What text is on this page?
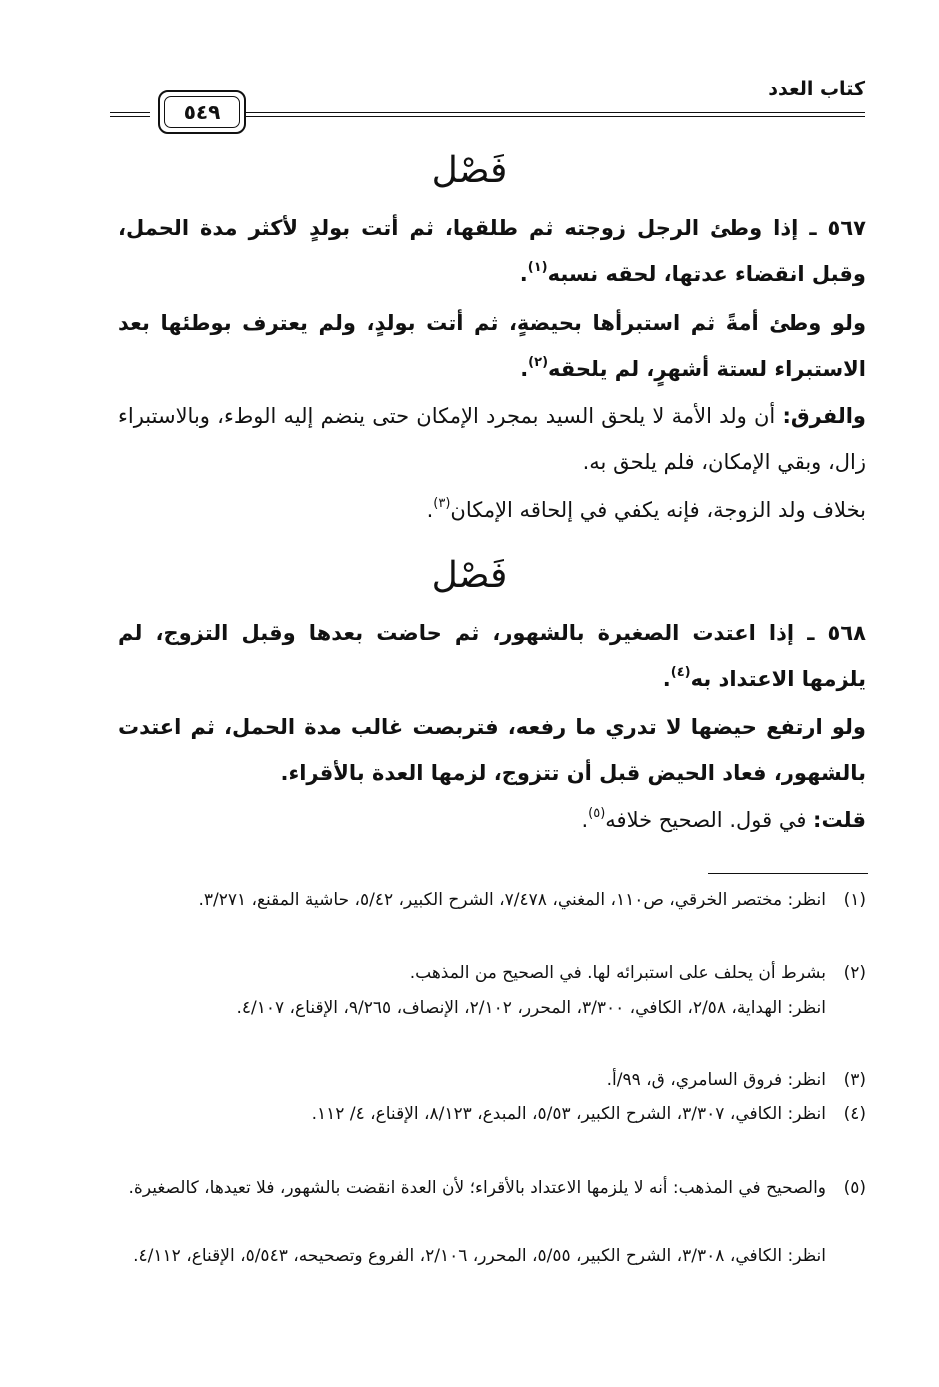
كتاب العدد
٥٤٩
فَصْل
٥٦٧ ـ إذا وطئ الرجل زوجته ثم طلقها، ثم أتت بولدٍ لأكثر مدة الحمل، وقبل انقضاء عدتها، لحقه نسبه$^{(١)}$.
ولو وطئ أمةً ثم استبرأها بحيضةٍ، ثم أتت بولدٍ، ولم يعترف بوطئها بعد الاستبراء لستة أشهرٍ، لم يلحقه$^{(٢)}$.
والفرق: أن ولد الأمة لا يلحق السيد بمجرد الإمكان حتى ينضم إليه الوطء، وبالاستبراء زال، وبقي الإمكان، فلم يلحق به.
بخلاف ولد الزوجة، فإنه يكفي في إلحاقه الإمكان$^{(٣)}$.
فَصْل
٥٦٨ ـ إذا اعتدت الصغيرة بالشهور، ثم حاضت بعدها وقبل التزوج، لم يلزمها الاعتداد به$^{(٤)}$.
ولو ارتفع حيضها لا تدري ما رفعه، فتربصت غالب مدة الحمل، ثم اعتدت بالشهور، فعاد الحيض قبل أن تتزوج، لزمها العدة بالأقراء.
قلت: في قول. الصحيح خلافه$^{(٥)}$.
(١)انظر: مختصر الخرقي، ص١١٠، المغني، ٧/٤٧٨، الشرح الكبير، ٥/٤٢، حاشية المقنع، ٣/٢٧١.
(٢)بشرط أن يحلف على استبرائه لها. في الصحيح من المذهب.
انظر: الهداية، ٢/٥٨، الكافي، ٣/٣٠٠، المحرر، ٢/١٠٢، الإنصاف، ٩/٢٦٥، الإقناع، ٤/١٠٧.
(٣)انظر: فروق السامري، ق، ٩٩/أ.
(٤)انظر: الكافي، ٣/٣٠٧، الشرح الكبير، ٥/٥٣، المبدع، ٨/١٢٣، الإقناع، ٤/ ١١٢.
(٥)والصحيح في المذهب: أنه لا يلزمها الاعتداد بالأقراء؛ لأن العدة انقضت بالشهور، فلا تعيدها، كالصغيرة.
انظر: الكافي، ٣/٣٠٨، الشرح الكبير، ٥/٥٥، المحرر، ٢/١٠٦، الفروع وتصحيحه، ٥/٥٤٣، الإقناع، ٤/١١٢.
